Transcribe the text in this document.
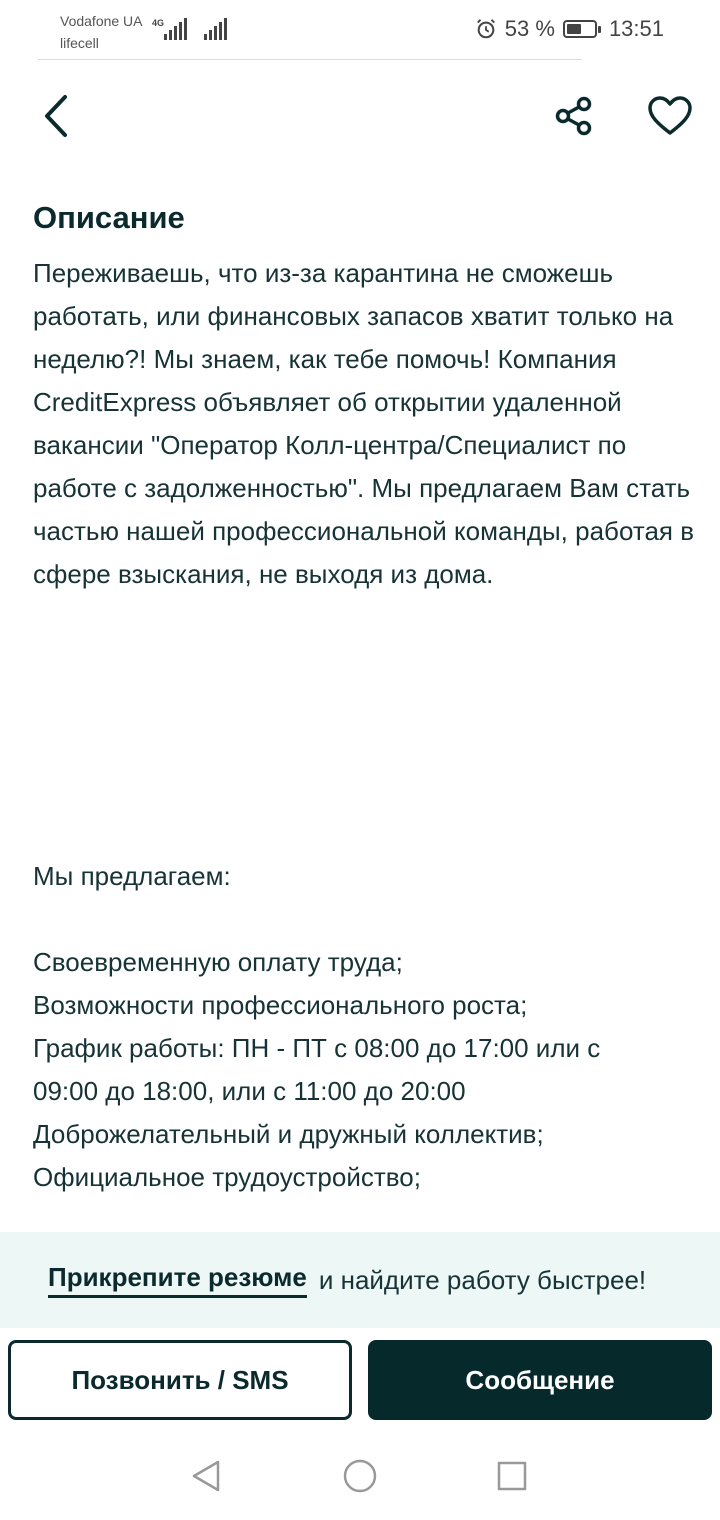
Vodafone UA
lifecell
4G	53 % 13:51
Описание

Переживаешь, что из-за карантина не сможешь работать, или финансовых запасов хватит только на неделю?! Мы знаем, как тебе помочь! Компания CreditExpress объявляет об открытии удаленной вакансии "Оператор Колл-центра/Специалист по работе с задолженностью". Мы предлагаем Вам стать частью нашей профессиональной команды, работая в сфере взыскания, не выходя из дома.

Мы предлагаем:

Своевременную оплату труда;
Возможности профессионального роста;
График работы: ПН - ПТ с 08:00 до 17:00 или с 09:00 до 18:00, или с 11:00 до 20:00
Доброжелательный и дружный коллектив;
Официальное трудоустройство;
Прикрепите резюме и найдите работу быстрее!
Позвонить / SMS	Сообщение
